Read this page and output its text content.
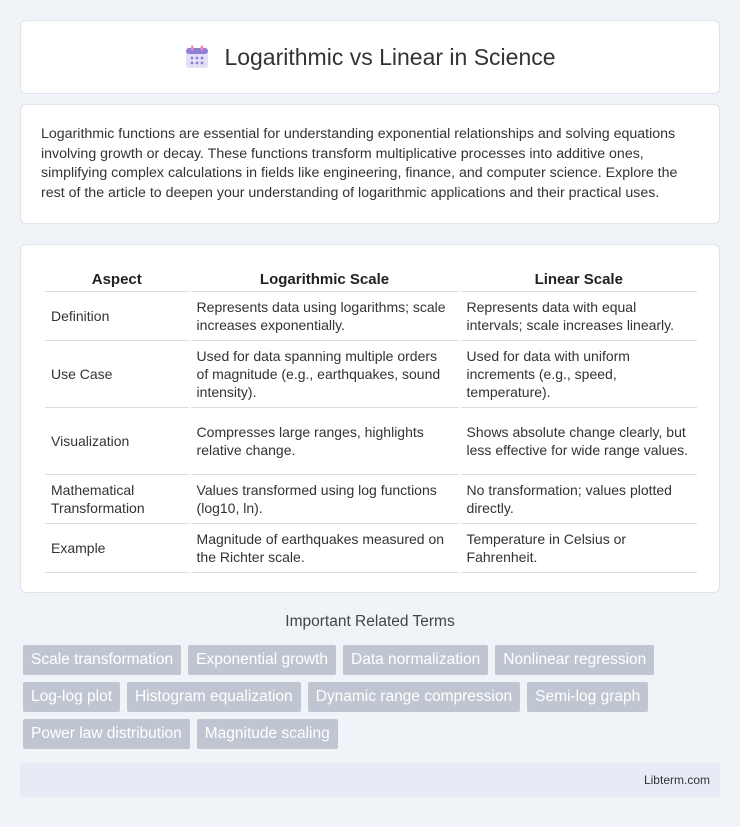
Logarithmic vs Linear in Science

Logarithmic functions are essential for understanding exponential relationships and solving equations involving growth or decay. These functions transform multiplicative processes into additive ones, simplifying complex calculations in fields like engineering, finance, and computer science. Explore the rest of the article to deepen your understanding of logarithmic applications and their practical uses.

Aspect	Logarithmic Scale	Linear Scale
Definition	Represents data using logarithms; scale increases exponentially.	Represents data with equal intervals; scale increases linearly.
Use Case	Used for data spanning multiple orders of magnitude (e.g., earthquakes, sound intensity).	Used for data with uniform increments (e.g., speed, temperature).
Visualization	Compresses large ranges, highlights relative change.	Shows absolute change clearly, but less effective for wide range values.
Mathematical Transformation	Values transformed using log functions (log10, ln).	No transformation; values plotted directly.
Example	Magnitude of earthquakes measured on the Richter scale.	Temperature in Celsius or Fahrenheit.
Important Related Terms
Scale transformation	Exponential growth	Data normalization	Nonlinear regression
Log-log plot	Histogram equalization	Dynamic range compression	Semi-log graph
Power law distribution	Magnitude scaling
Libterm.com
